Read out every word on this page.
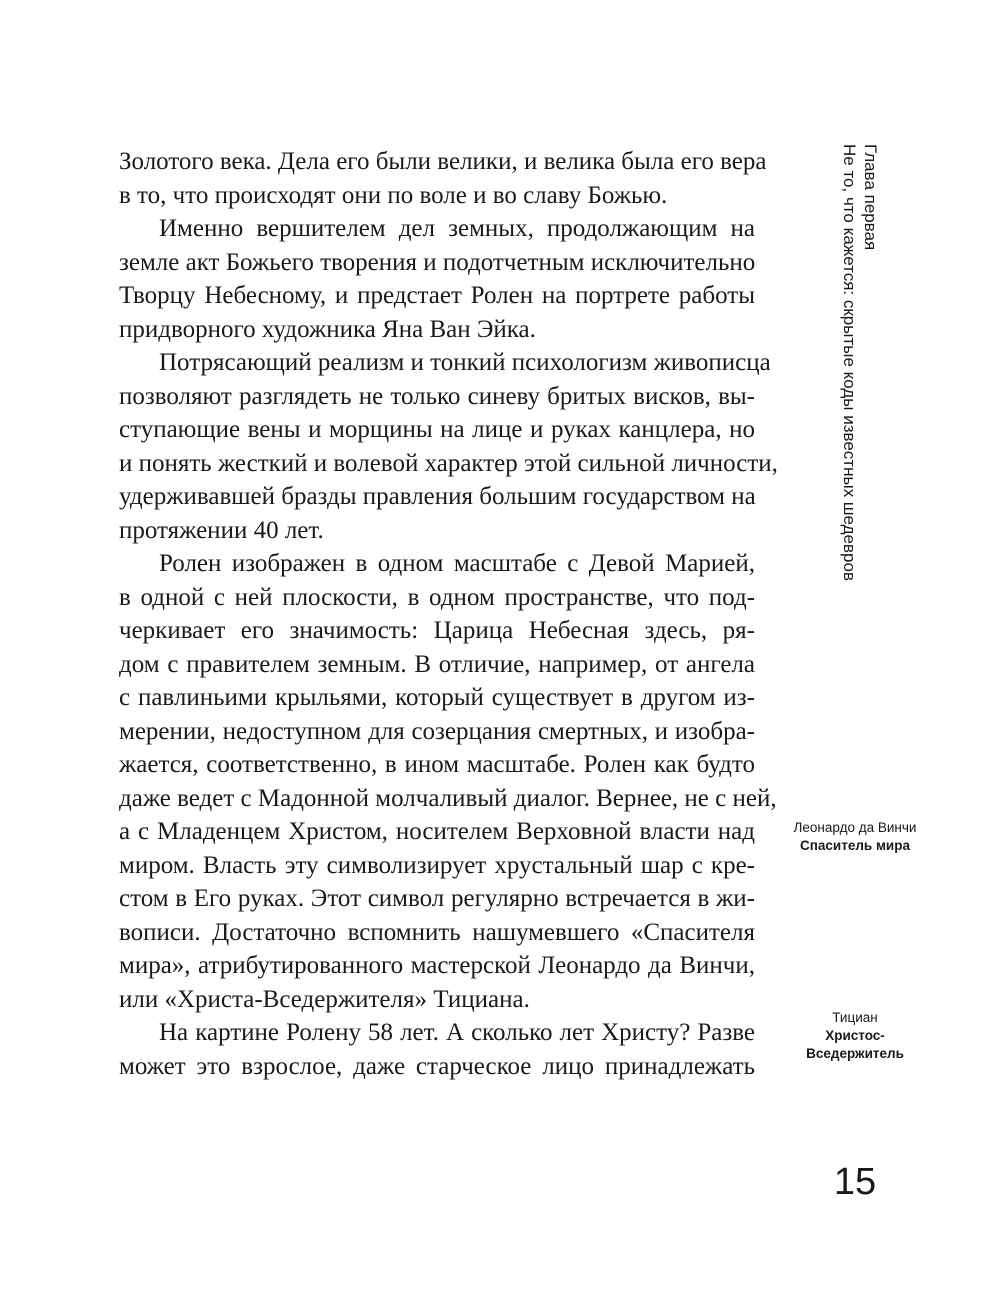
Золотого века. Дела его были велики, и велика была его вера
в то, что происходят они по воле и во славу Божью.
Именно вершителем дел земных, продолжающим на
земле акт Божьего творения и подотчетным исключительно
Творцу Небесному, и предстает Ролен на портрете работы
придворного художника Яна Ван Эйка.
Потрясающий реализм и тонкий психологизм живописца
позволяют разглядеть не только синеву бритых висков, вы-
ступающие вены и морщины на лице и руках канцлера, но
и понять жесткий и волевой характер этой сильной личности,
удерживавшей бразды правления большим государством на
протяжении 40 лет.
Ролен изображен в одном масштабе с Девой Марией,
в одной с ней плоскости, в одном пространстве, что под-
черкивает его значимость: Царица Небесная здесь, ря-
дом с правителем земным. В отличие, например, от ангела
с павлиньими крыльями, который существует в другом из-
мерении, недоступном для созерцания смертных, и изобра-
жается, соответственно, в ином масштабе. Ролен как будто
даже ведет с Мадонной молчаливый диалог. Вернее, не с ней,
а с Младенцем Христом, носителем Верховной власти над
миром. Власть эту символизирует хрустальный шар с кре-
стом в Его руках. Этот символ регулярно встречается в жи-
вописи. Достаточно вспомнить нашумевшего «Спасителя
мира», атрибутированного мастерской Леонардо да Винчи,
или «Христа-Вседержителя» Тициана.
На картине Ролену 58 лет. А сколько лет Христу? Разве
может это взрослое, даже старческое лицо принадлежать
Глава первая
Не то, что кажется: скрытые коды известных шедевров
Леонардо да Винчи
Спаситель мира
Тициан
Христос-
Вседержитель
15
